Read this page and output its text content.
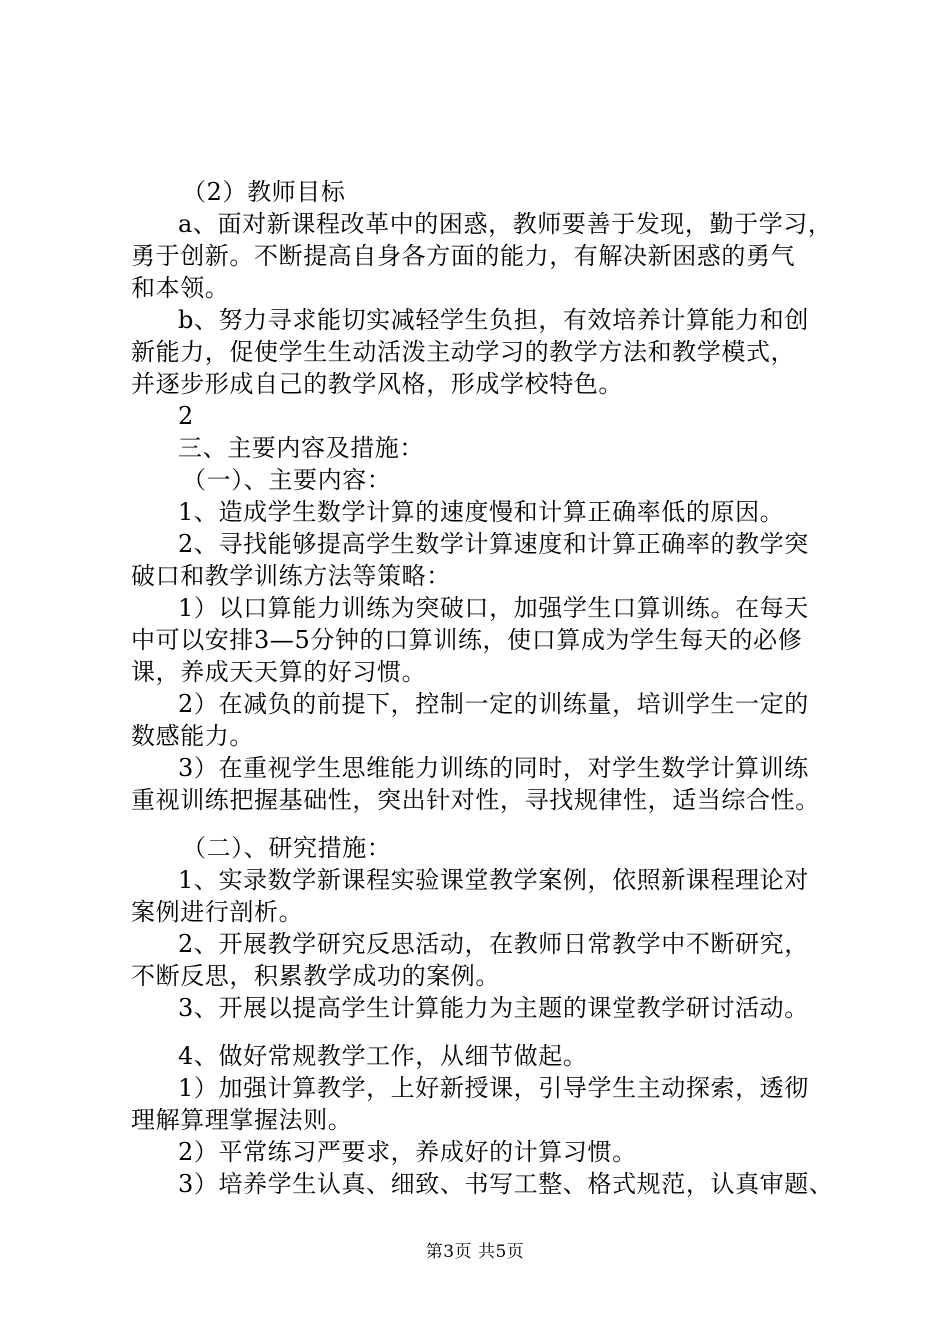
（2）教师目标
a、面对新课程改革中的困惑，教师要善于发现，勤于学习，
勇于创新。不断提高自身各方面的能力，有解决新困惑的勇气
和本领。
b、努力寻求能切实减轻学生负担，有效培养计算能力和创
新能力，促使学生生动活泼主动学习的教学方法和教学模式，
并逐步形成自己的教学风格，形成学校特色。
2
三、主要内容及措施：
（一）、主要内容：
1、造成学生数学计算的速度慢和计算正确率低的原因。
2、寻找能够提高学生数学计算速度和计算正确率的教学突
破口和教学训练方法等策略：
1）以口算能力训练为突破口，加强学生口算训练。在每天
中可以安排3—5分钟的口算训练，使口算成为学生每天的必修
课，养成天天算的好习惯。
2）在减负的前提下，控制一定的训练量，培训学生一定的
数感能力。
3）在重视学生思维能力训练的同时，对学生数学计算训练
重视训练把握基础性，突出针对性，寻找规律性，适当综合性。
（二）、研究措施：
1、实录数学新课程实验课堂教学案例，依照新课程理论对
案例进行剖析。
2、开展教学研究反思活动，在教师日常教学中不断研究，
不断反思，积累教学成功的案例。
3、开展以提高学生计算能力为主题的课堂教学研讨活动。
4、做好常规教学工作，从细节做起。
1）加强计算教学，上好新授课，引导学生主动探索，透彻
理解算理掌握法则。
2）平常练习严要求，养成好的计算习惯。
3）培养学生认真、细致、书写工整、格式规范，认真审题、
第3页 共5页
